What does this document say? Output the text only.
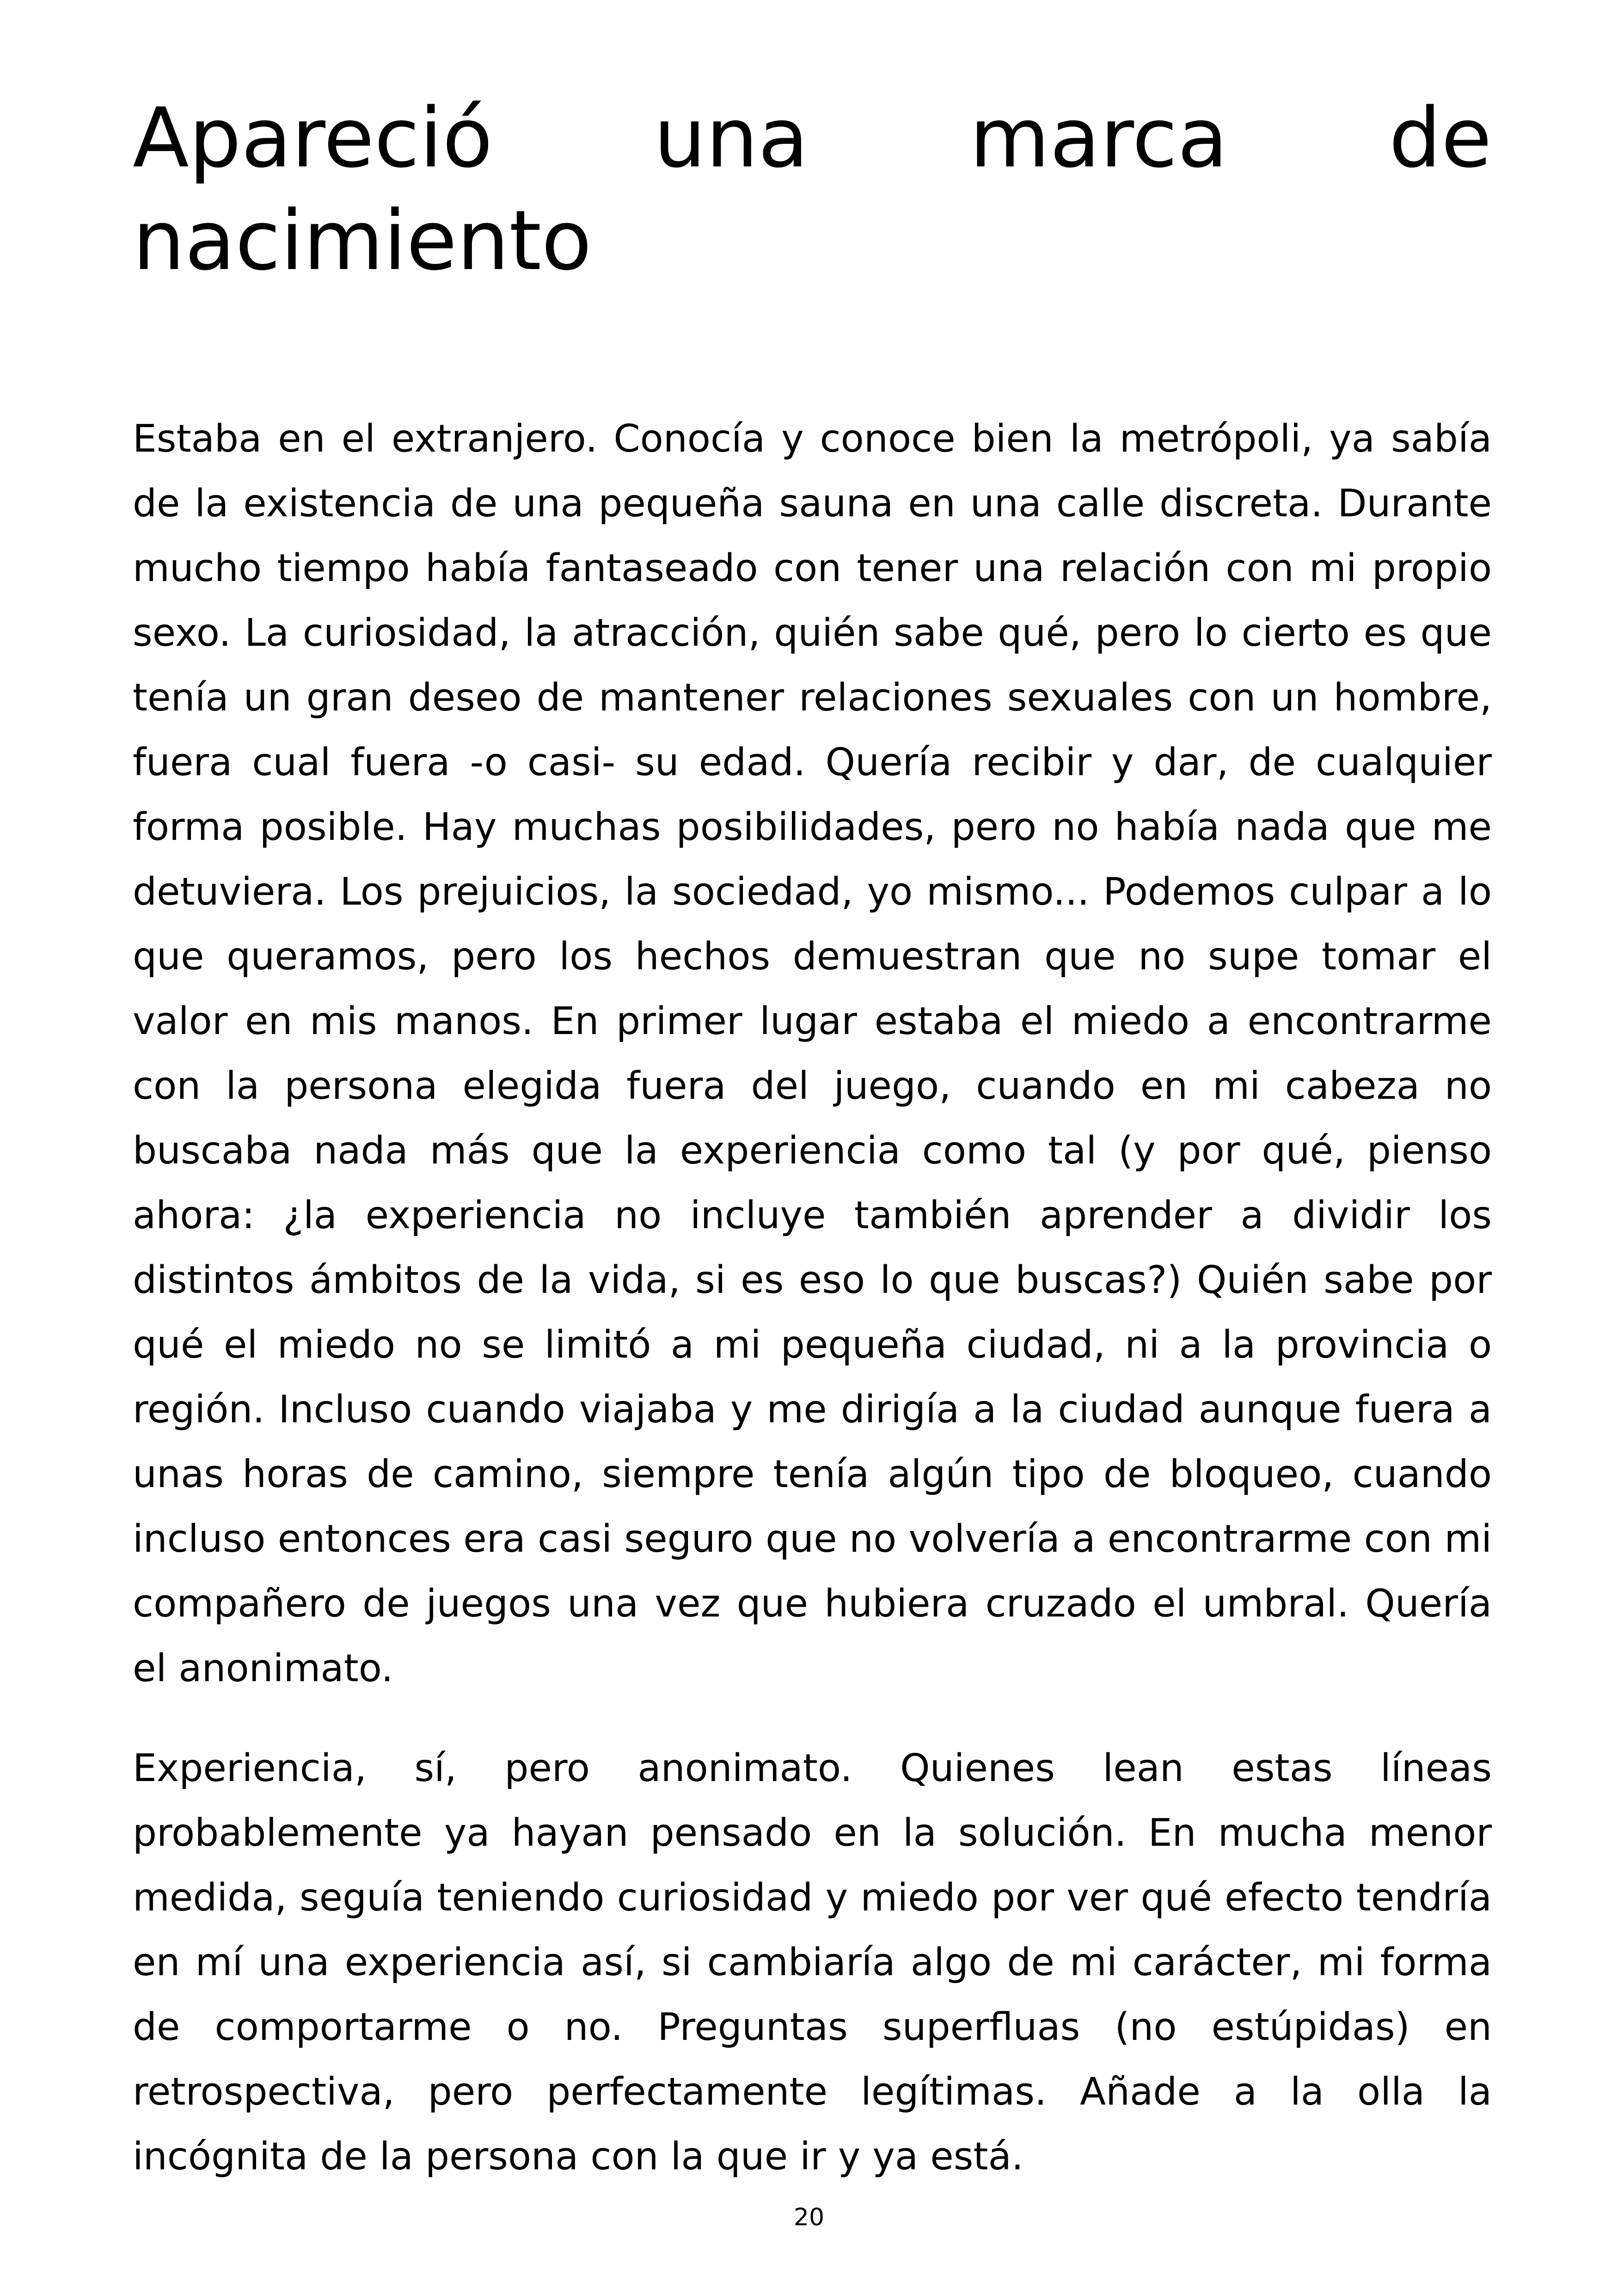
Apareció una marca de nacimiento

Estaba en el extranjero. Conocía y conoce bien la metrópoli, ya sabía de la existencia de una pequeña sauna en una calle discreta. Durante mucho tiempo había fantaseado con tener una relación con mi propio sexo. La curiosidad, la atracción, quién sabe qué, pero lo cierto es que tenía un gran deseo de mantener relaciones sexuales con un hombre, fuera cual fuera -o casi- su edad. Quería recibir y dar, de cualquier forma posible. Hay muchas posibilidades, pero no había nada que me detuviera. Los prejuicios, la sociedad, yo mismo... Podemos culpar a lo que queramos, pero los hechos demuestran que no supe tomar el valor en mis manos. En primer lugar estaba el miedo a encontrarme con la persona elegida fuera del juego, cuando en mi cabeza no buscaba nada más que la experiencia como tal (y por qué, pienso ahora: ¿la experiencia no incluye también aprender a dividir los distintos ámbitos de la vida, si es eso lo que buscas?) Quién sabe por qué el miedo no se limitó a mi pequeña ciudad, ni a la provincia o región. Incluso cuando viajaba y me dirigía a la ciudad aunque fuera a unas horas de camino, siempre tenía algún tipo de bloqueo, cuando incluso entonces era casi seguro que no volvería a encontrarme con mi compañero de juegos una vez que hubiera cruzado el umbral. Quería el anonimato.

Experiencia, sí, pero anonimato. Quienes lean estas líneas probablemente ya hayan pensado en la solución. En mucha menor medida, seguía teniendo curiosidad y miedo por ver qué efecto tendría en mí una experiencia así, si cambiaría algo de mi carácter, mi forma de comportarme o no. Preguntas superfluas (no estúpidas) en retrospectiva, pero perfectamente legítimas. Añade a la olla la incógnita de la persona con la que ir y ya está.

20
